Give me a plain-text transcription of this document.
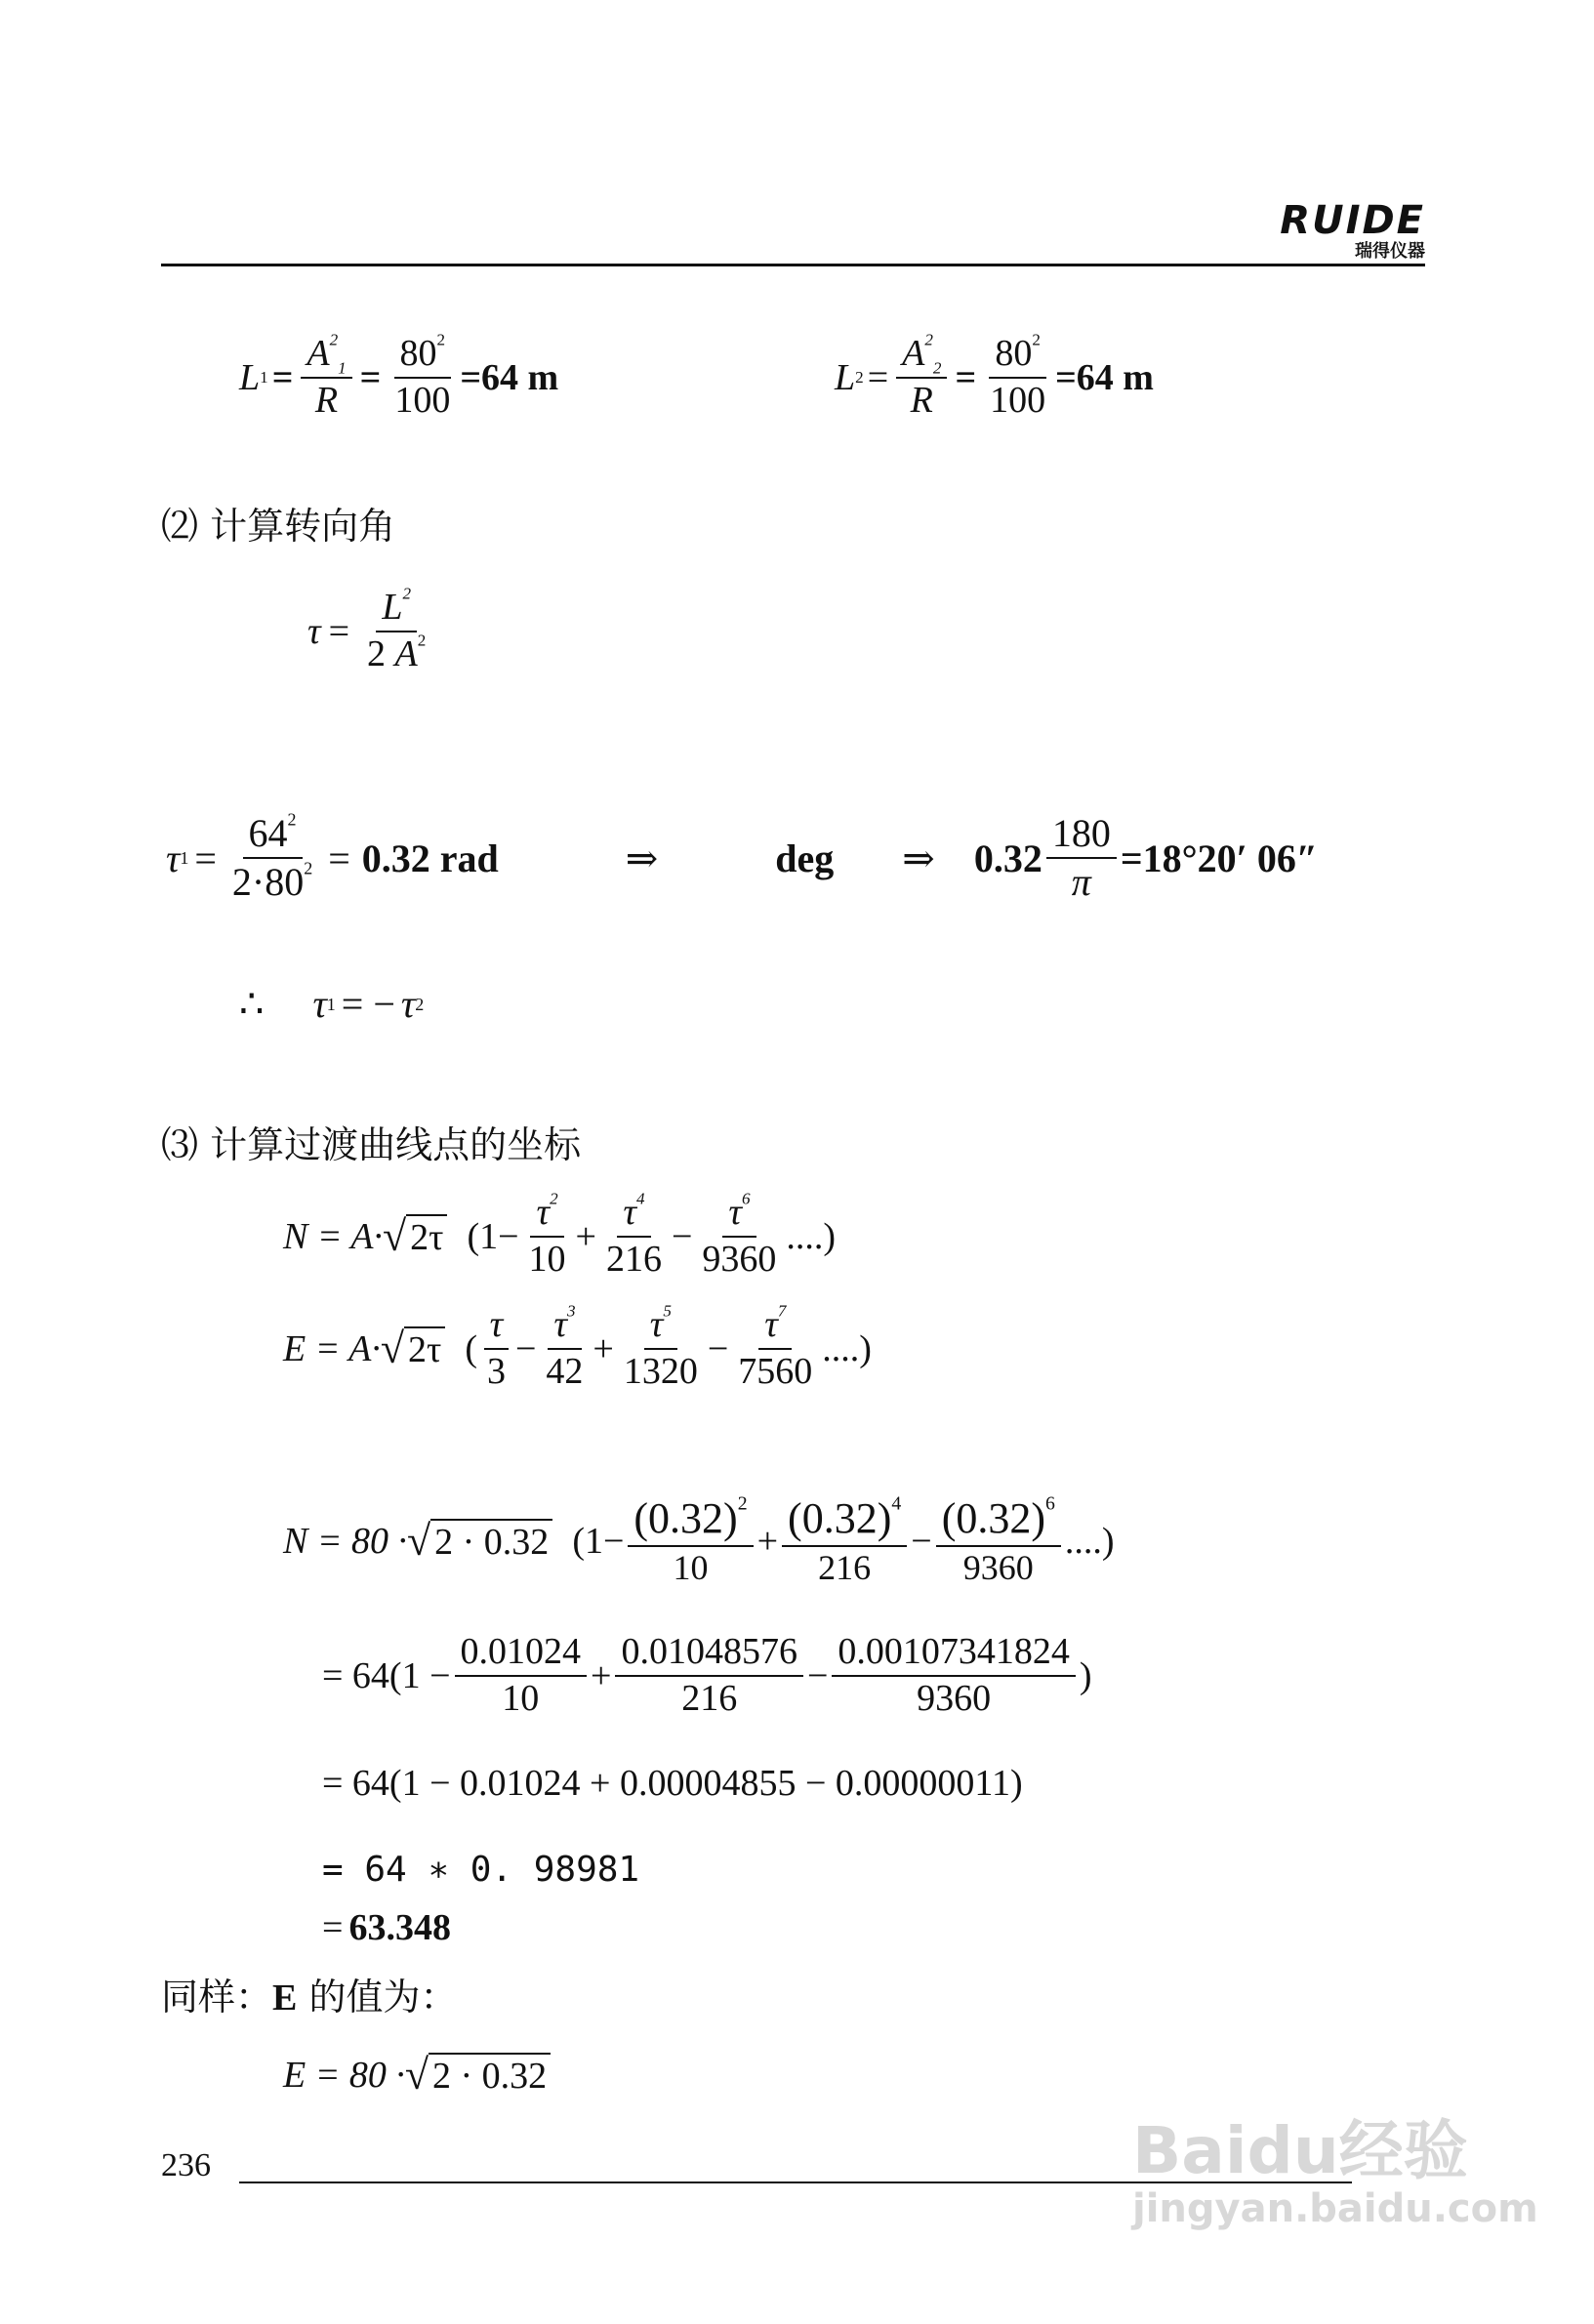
RUIDE
瑞得仪器
L $1 = \frac{A^2_1}{R} = \frac{80^2}{100} =64$ m	L $2 = \frac{A^2_2}{R} = \frac{80^2}{100} =64$ m
⑵ 计算转向角
$\tau = \frac{L^2}{2 A^2}$
τ $1 = \frac{64^2}{2\cdot 80^2} = 0.32$ rad	⇒	deg ⇒ $0.32 \frac{180}{\pi} =18^\circ 20'$ 06″
∴ τ 1 = − τ 2
⑶ 计算过渡曲线点的坐标
N = A· √ 2τ ($1- \frac{\tau^2}{10} + \frac{\tau^4}{216} - \frac{\tau^6}{9360}$ ....)
E = A· √ 2τ ( $\frac{\tau}{3} - \frac{\tau^3}{42} + \frac{\tau^5}{1320} - \frac{\tau^7}{7560}$ ....)
N = 80 · √ 2 · 0.32 ($1- \frac{(0.32)^2}{10} + \frac{(0.32)^4}{216} - \frac{(0.32)^6}{9360}$ ....)
= $64(1 - \frac{0.01024}{10} + \frac{0.01048576}{216} - \frac{0.00107341824}{9360}$ )
= 64(1 − 0.01024 + 0.00004855 − 0.00000011)
= 64 ∗ 0. 98981
= 63.348
同样：E 的值为：
E = 80 · √ 2 · 0.32
236	Baidu经验
jingyan.baidu.com
